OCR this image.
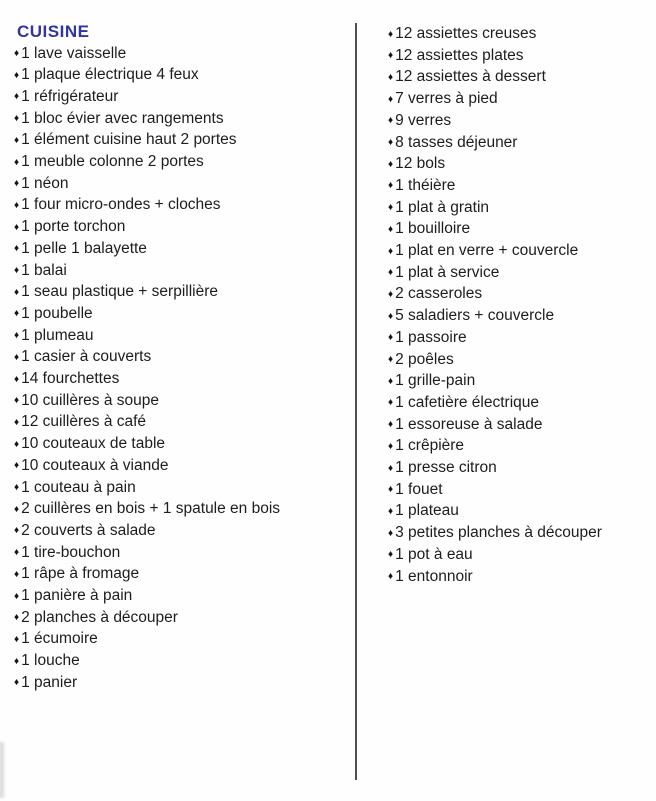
CUISINE
♦ 1 lave vaisselle
♦ 1 plaque électrique 4 feux
♦ 1 réfrigérateur
♦ 1 bloc évier avec rangements
♦ 1 élément cuisine haut 2 portes
♦ 1 meuble colonne 2 portes
♦ 1 néon
♦ 1 four micro-ondes + cloches
♦ 1 porte torchon
♦ 1 pelle 1 balayette
♦ 1 balai
♦ 1 seau plastique + serpillière
♦ 1 poubelle
♦ 1 plumeau
♦ 1 casier à couverts
♦ 14 fourchettes
♦ 10 cuillères à soupe
♦ 12 cuillères à café
♦ 10 couteaux de table
♦ 10 couteaux à viande
♦ 1 couteau à pain
♦ 2 cuillères en bois + 1 spatule en bois
♦ 2 couverts à salade
♦ 1 tire-bouchon
♦ 1 râpe à fromage
♦ 1 panière à pain
♦ 2 planches à découper
♦ 1 écumoire
♦ 1 louche
♦ 1 panier
♦ 12 assiettes creuses
♦ 12 assiettes plates
♦ 12 assiettes à dessert
♦ 7 verres à pied
♦ 9 verres
♦ 8 tasses déjeuner
♦ 12 bols
♦ 1 théière
♦ 1 plat à gratin
♦ 1 bouilloire
♦ 1 plat en verre + couvercle
♦ 1 plat à service
♦ 2 casseroles
♦ 5 saladiers + couvercle
♦ 1 passoire
♦ 2 poêles
♦ 1 grille-pain
♦ 1 cafetière électrique
♦ 1 essoreuse à salade
♦ 1 crêpière
♦ 1 presse citron
♦ 1 fouet
♦ 1 plateau
♦ 3 petites planches à découper
♦ 1 pot à eau
♦ 1 entonnoir
